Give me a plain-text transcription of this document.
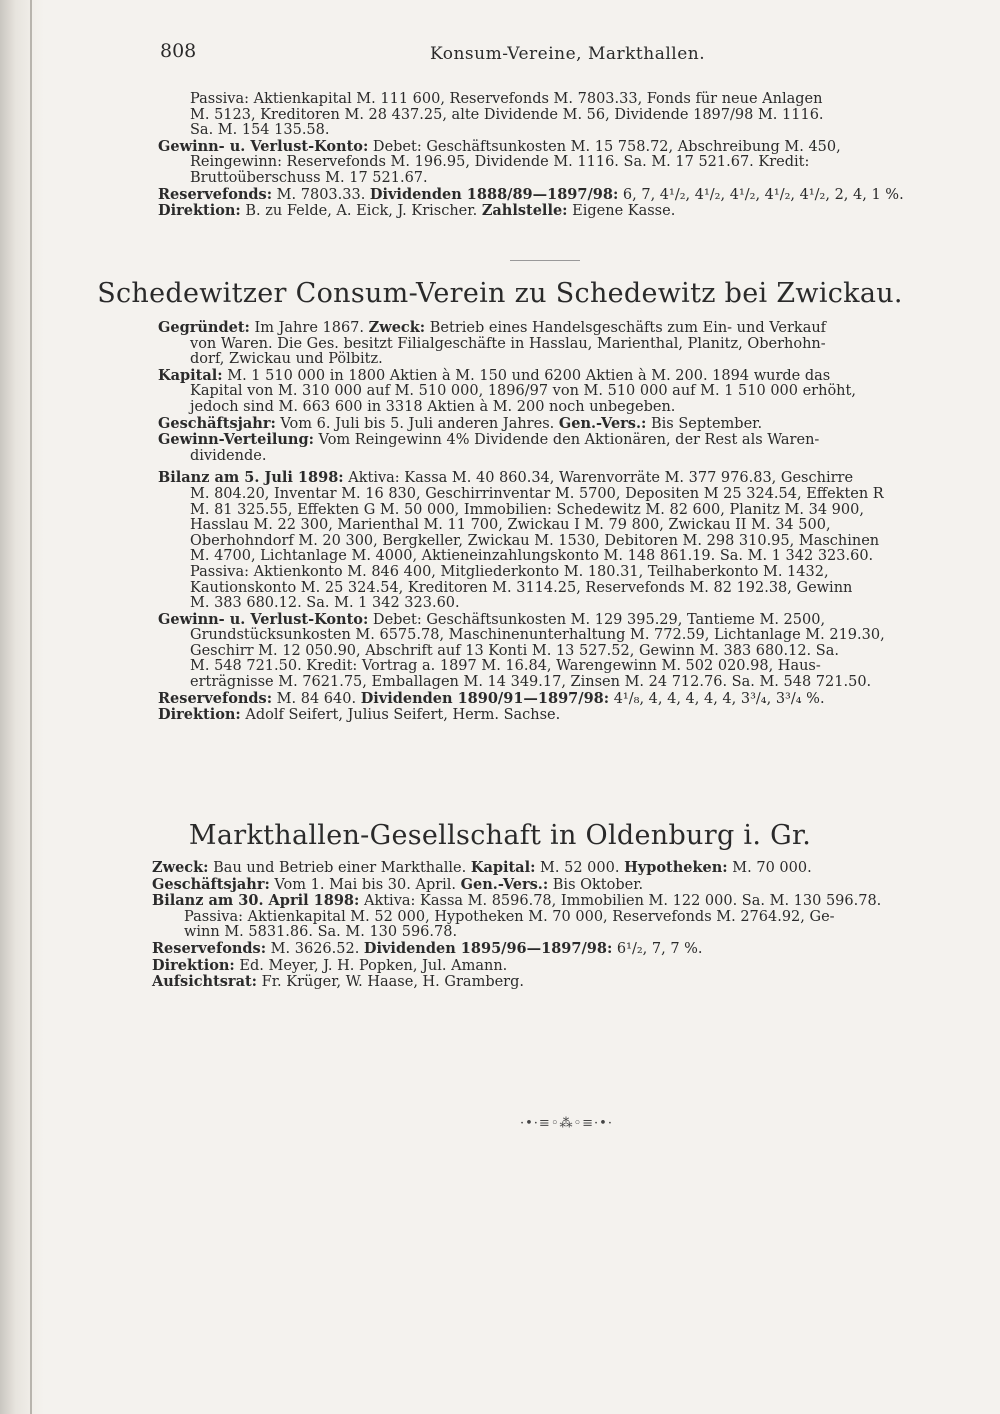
808	Konsum-Vereine, Markthallen.
Passiva: Aktienkapital M. 111 600, Reservefonds M. 7803.33, Fonds für neue Anlagen
M. 5123, Kreditoren M. 28 437.25, alte Dividende M. 56, Dividende 1897/98 M. 1116.
Sa. M. 154 135.58.
Gewinn- u. Verlust-Konto: Debet: Geschäftsunkosten M. 15 758.72, Abschreibung M. 450,
Reingewinn: Reservefonds M. 196.95, Dividende M. 1116. Sa. M. 17 521.67. Kredit:
Bruttoüberschuss M. 17 521.67.
Reservefonds: M. 7803.33. Dividenden 1888/89—1897/98: 6, 7, 4¹/₂, 4¹/₂, 4¹/₂, 4¹/₂, 4¹/₂, 2, 4, 1 %.
Direktion: B. zu Felde, A. Eick, J. Krischer. Zahlstelle: Eigene Kasse.
Schedewitzer Consum-Verein zu Schedewitz bei Zwickau.
Gegründet: Im Jahre 1867. Zweck: Betrieb eines Handelsgeschäfts zum Ein- und Verkauf
von Waren. Die Ges. besitzt Filialgeschäfte in Hasslau, Marienthal, Planitz, Oberhohn-
dorf, Zwickau und Pölbitz.
Kapital: M. 1 510 000 in 1800 Aktien à M. 150 und 6200 Aktien à M. 200. 1894 wurde das
Kapital von M. 310 000 auf M. 510 000, 1896/97 von M. 510 000 auf M. 1 510 000 erhöht,
jedoch sind M. 663 600 in 3318 Aktien à M. 200 noch unbegeben.
Geschäftsjahr: Vom 6. Juli bis 5. Juli anderen Jahres. Gen.-Vers.: Bis September.
Gewinn-Verteilung: Vom Reingewinn 4% Dividende den Aktionären, der Rest als Waren-
dividende.
Bilanz am 5. Juli 1898: Aktiva: Kassa M. 40 860.34, Warenvorräte M. 377 976.83, Geschirre
M. 804.20, Inventar M. 16 830, Geschirrinventar M. 5700, Depositen M 25 324.54, Effekten R
M. 81 325.55, Effekten G M. 50 000, Immobilien: Schedewitz M. 82 600, Planitz M. 34 900,
Hasslau M. 22 300, Marienthal M. 11 700, Zwickau I M. 79 800, Zwickau II M. 34 500,
Oberhohndorf M. 20 300, Bergkeller, Zwickau M. 1530, Debitoren M. 298 310.95, Maschinen
M. 4700, Lichtanlage M. 4000, Aktieneinzahlungskonto M. 148 861.19. Sa. M. 1 342 323.60.
Passiva: Aktienkonto M. 846 400, Mitgliederkonto M. 180.31, Teilhaberkonto M. 1432,
Kautionskonto M. 25 324.54, Kreditoren M. 3114.25, Reservefonds M. 82 192.38, Gewinn
M. 383 680.12. Sa. M. 1 342 323.60.
Gewinn- u. Verlust-Konto: Debet: Geschäftsunkosten M. 129 395.29, Tantieme M. 2500,
Grundstücksunkosten M. 6575.78, Maschinenunterhaltung M. 772.59, Lichtanlage M. 219.30,
Geschirr M. 12 050.90, Abschrift auf 13 Konti M. 13 527.52, Gewinn M. 383 680.12. Sa.
M. 548 721.50. Kredit: Vortrag a. 1897 M. 16.84, Warengewinn M. 502 020.98, Haus-
erträgnisse M. 7621.75, Emballagen M. 14 349.17, Zinsen M. 24 712.76. Sa. M. 548 721.50.
Reservefonds: M. 84 640. Dividenden 1890/91—1897/98: 4¹/₈, 4, 4, 4, 4, 4, 3³/₄, 3³/₄ %.
Direktion: Adolf Seifert, Julius Seifert, Herm. Sachse.
Markthallen-Gesellschaft in Oldenburg i. Gr.
Zweck: Bau und Betrieb einer Markthalle. Kapital: M. 52 000. Hypotheken: M. 70 000.
Geschäftsjahr: Vom 1. Mai bis 30. April. Gen.-Vers.: Bis Oktober.
Bilanz am 30. April 1898: Aktiva: Kassa M. 8596.78, Immobilien M. 122 000. Sa. M. 130 596.78.
Passiva: Aktienkapital M. 52 000, Hypotheken M. 70 000, Reservefonds M. 2764.92, Ge-
winn M. 5831.86. Sa. M. 130 596.78.
Reservefonds: M. 3626.52. Dividenden 1895/96—1897/98: 6¹/₂, 7, 7 %.
Direktion: Ed. Meyer, J. H. Popken, Jul. Amann.
Aufsichtsrat: Fr. Krüger, W. Haase, H. Gramberg.
·•·≡◦⁂◦≡·•·
